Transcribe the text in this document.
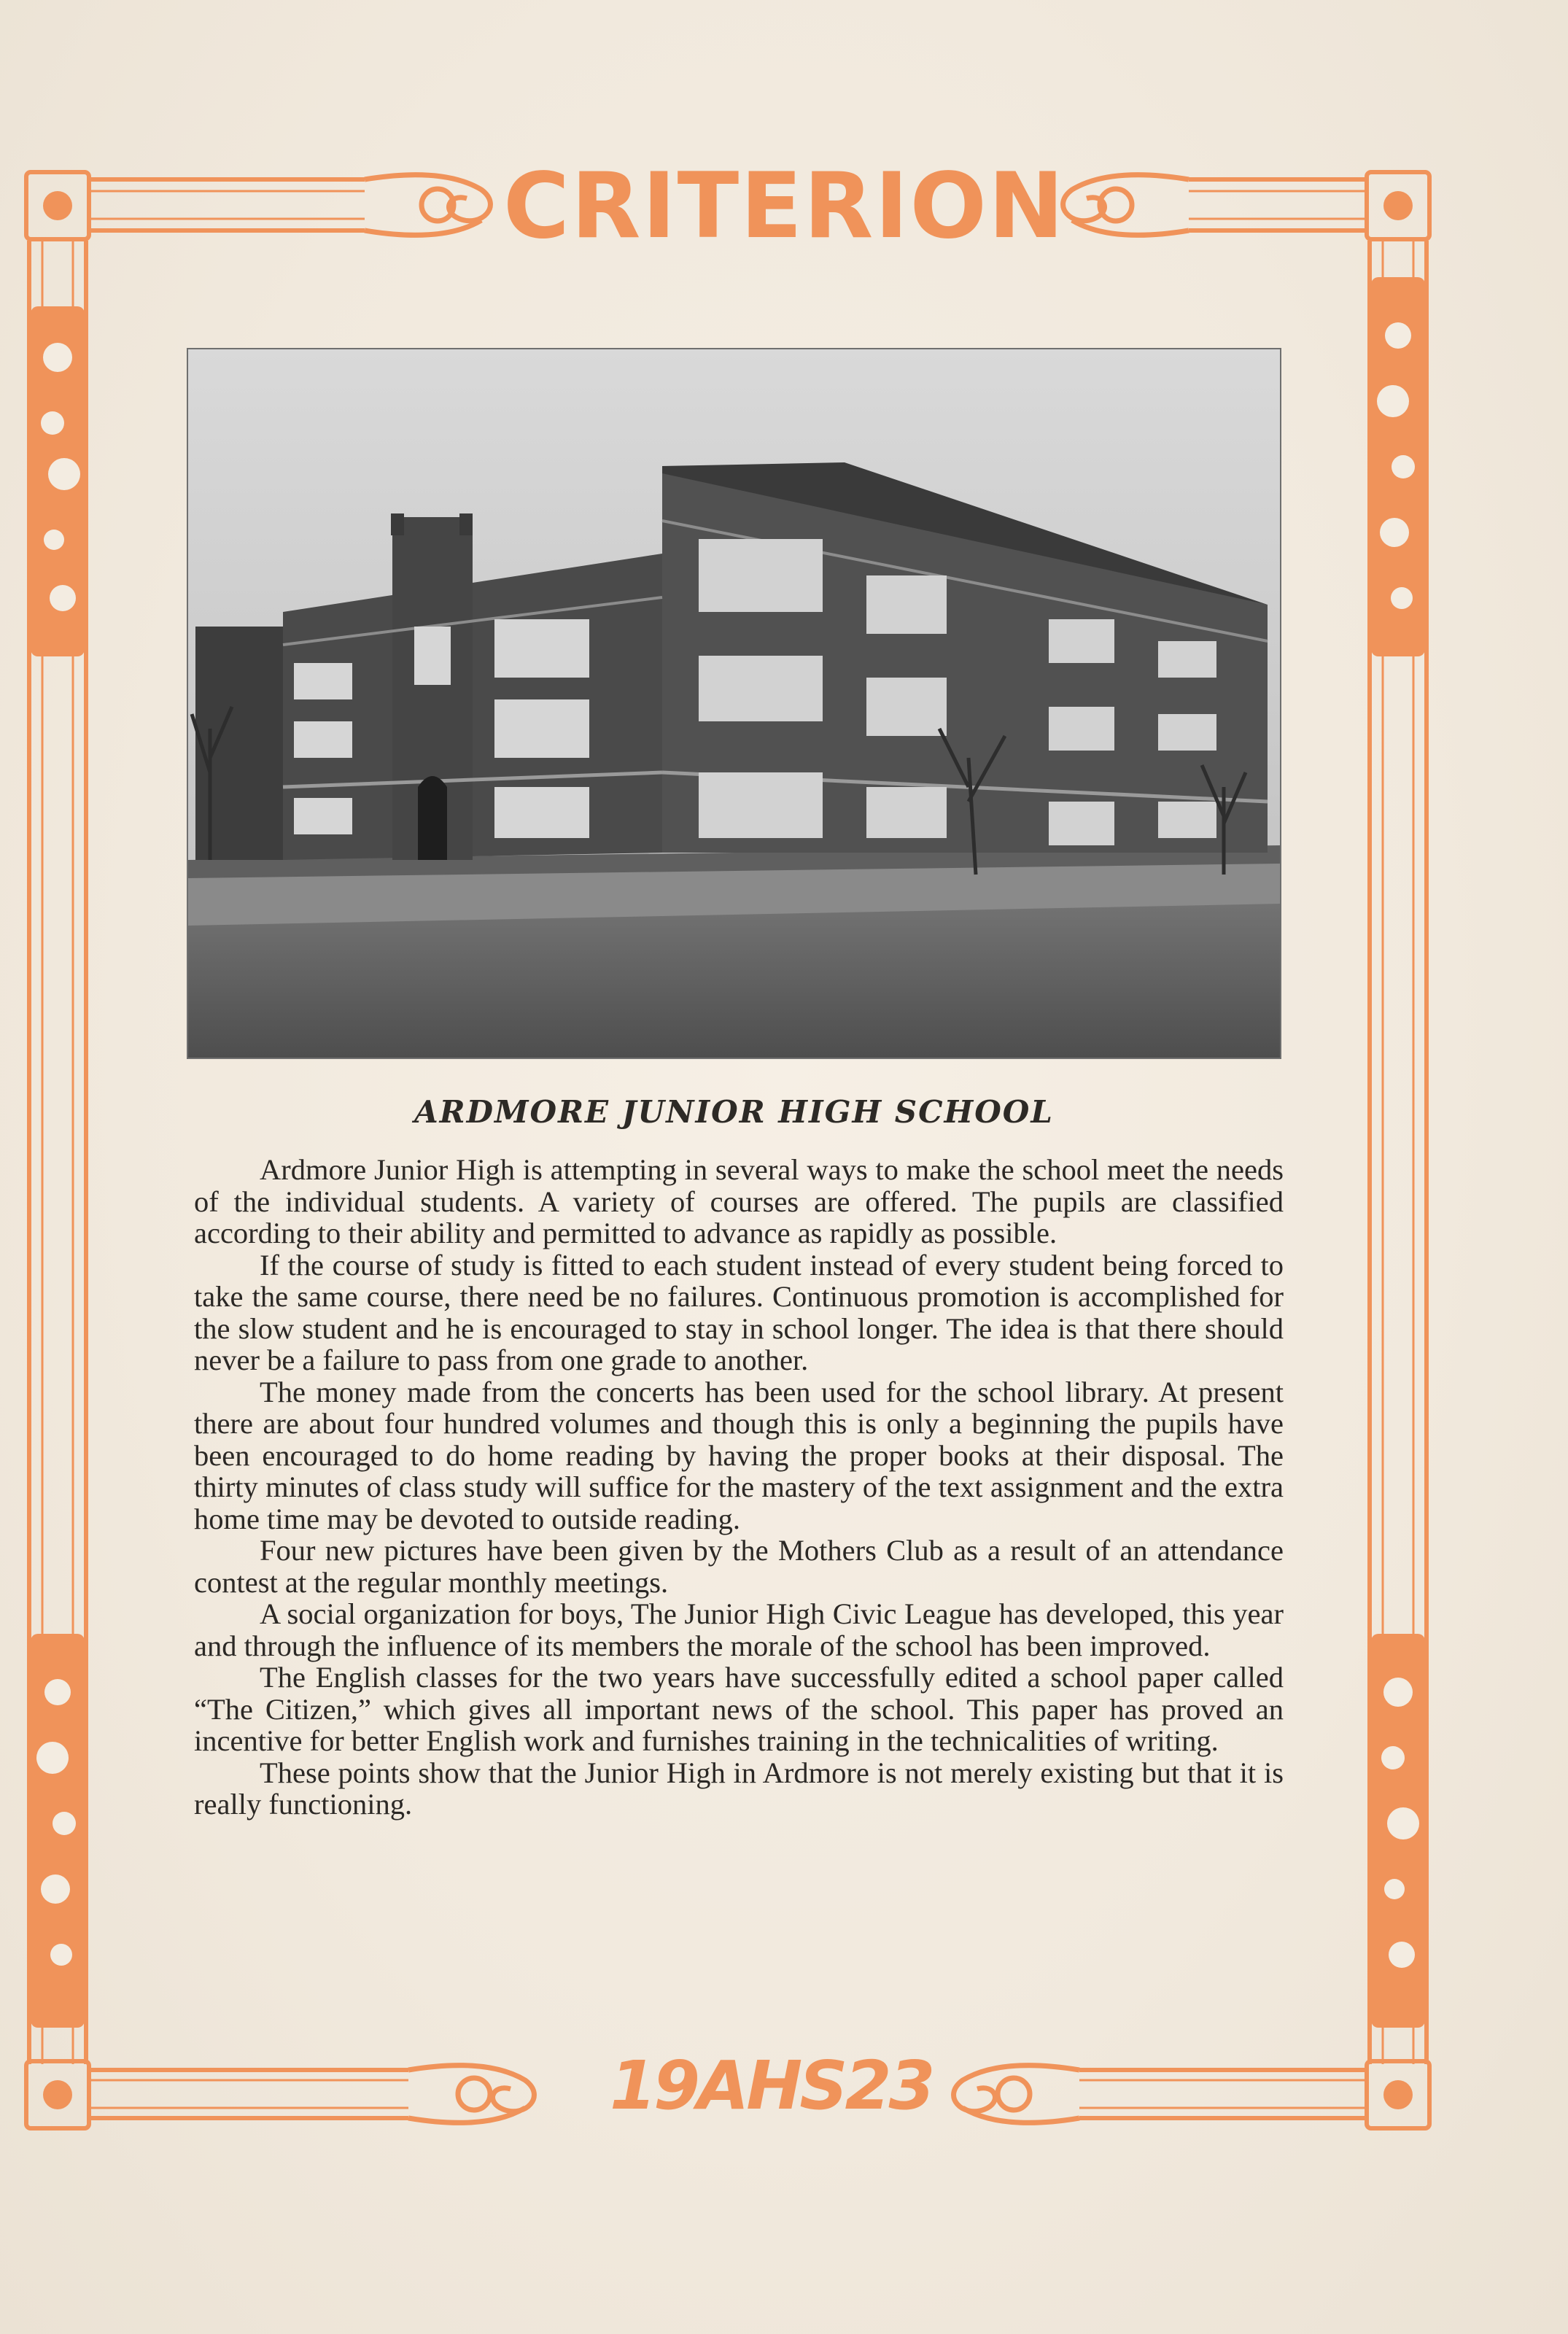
CRITERION
ARDMORE JUNIOR HIGH SCHOOL

Ardmore Junior High is attempting in several ways to make the school meet the needs of the individual students. A variety of courses are offered. The pupils are classified according to their ability and permitted to advance as rapidly as possible.

If the course of study is fitted to each student instead of every student being forced to take the same course, there need be no failures. Continuous promotion is accomplished for the slow student and he is encouraged to stay in school longer. The idea is that there should never be a failure to pass from one grade to another.

The money made from the concerts has been used for the school library. At present there are about four hundred volumes and though this is only a beginning the pupils have been encouraged to do home reading by having the proper books at their disposal. The thirty minutes of class study will suffice for the mastery of the text assignment and the extra home time may be devoted to outside reading.

Four new pictures have been given by the Mothers Club as a result of an attendance contest at the regular monthly meetings.

A social organization for boys, The Junior High Civic League has developed, this year and through the influence of its members the morale of the school has been improved.

The English classes for the two years have successfully edited a school paper called “The Citizen,” which gives all important news of the school. This paper has proved an incentive for better English work and furnishes training in the technicalities of writing.

These points show that the Junior High in Ardmore is not merely existing but that it is really functioning.

19AHS23
